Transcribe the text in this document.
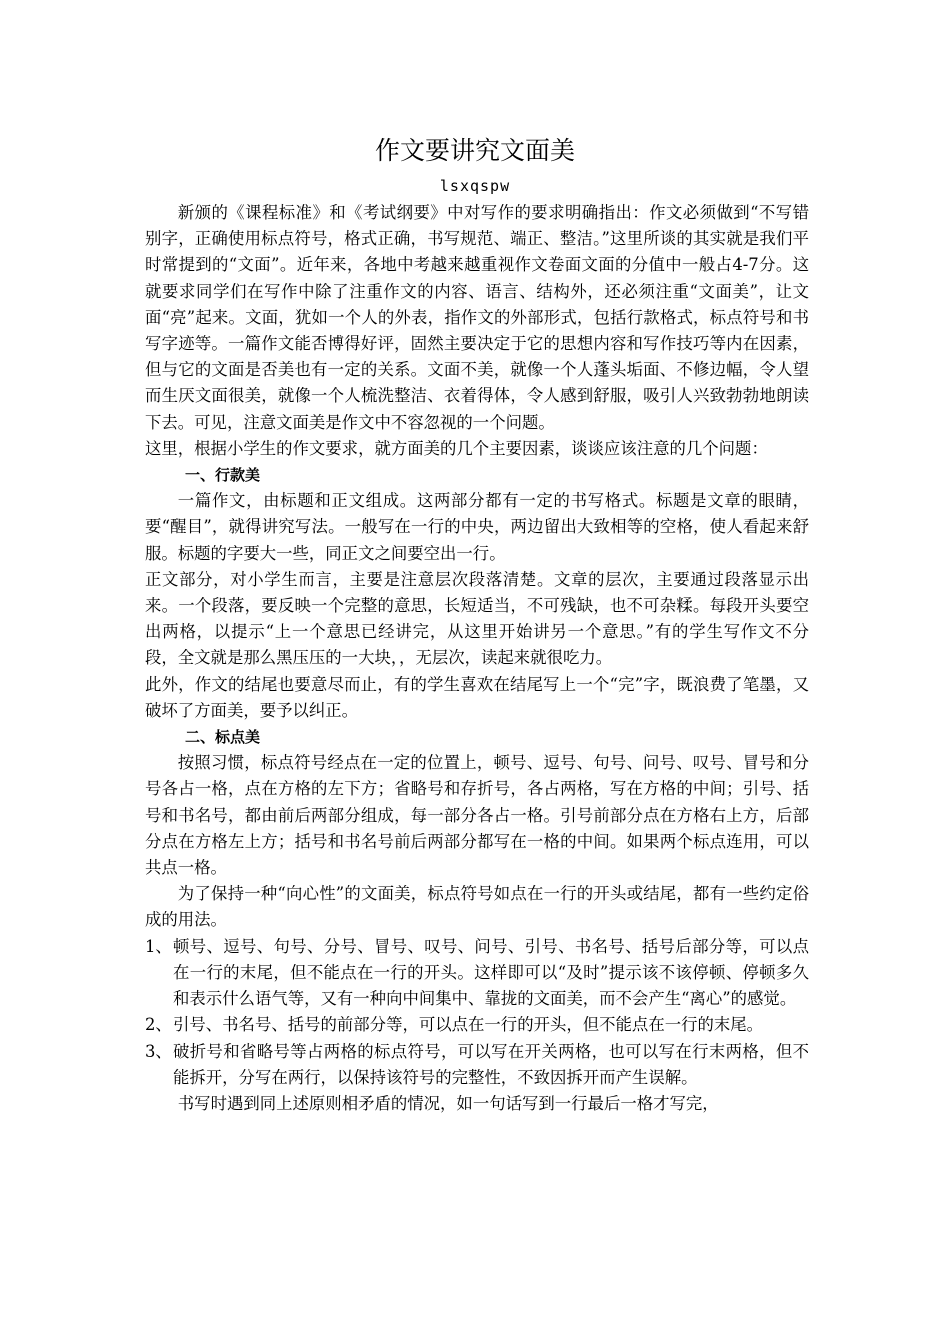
作文要讲究文面美
lsxqspw

新颁的《课程标准》和《考试纲要》中对写作的要求明确指出：作文必须做到“不写错别字，正确使用标点符号，格式正确，书写规范、端正、整洁。”这里所谈的其实就是我们平时常提到的“文面”。近年来，各地中考越来越重视作文卷面文面的分值中一般占4-7分。这就要求同学们在写作中除了注重作文的内容、语言、结构外，还必须注重“文面美”，让文面“亮”起来。文面，犹如一个人的外表，指作文的外部形式，包括行款格式，标点符号和书写字迹等。一篇作文能否博得好评，固然主要决定于它的思想内容和写作技巧等内在因素，但与它的文面是否美也有一定的关系。文面不美，就像一个人蓬头垢面、不修边幅，令人望而生厌文面很美，就像一个人梳洗整洁、衣着得体，令人感到舒服，吸引人兴致勃勃地朗读下去。可见，注意文面美是作文中不容忽视的一个问题。

这里，根据小学生的作文要求，就方面美的几个主要因素，谈谈应该注意的几个问题：

一、行款美

一篇作文，由标题和正文组成。这两部分都有一定的书写格式。标题是文章的眼睛，要“醒目”，就得讲究写法。一般写在一行的中央，两边留出大致相等的空格，使人看起来舒服。标题的字要大一些，同正文之间要空出一行。

正文部分，对小学生而言，主要是注意层次段落清楚。文章的层次，主要通过段落显示出来。一个段落，要反映一个完整的意思，长短适当，不可残缺，也不可杂糅。每段开头要空出两格，以提示“上一个意思已经讲完，从这里开始讲另一个意思。”有的学生写作文不分段，全文就是那么黑压压的一大块，，无层次，读起来就很吃力。

此外，作文的结尾也要意尽而止，有的学生喜欢在结尾写上一个“完”字，既浪费了笔墨，又破坏了方面美，要予以纠正。

二、标点美

按照习惯，标点符号经点在一定的位置上，顿号、逗号、句号、问号、叹号、冒号和分号各占一格，点在方格的左下方；省略号和存折号，各占两格，写在方格的中间；引号、括号和书名号，都由前后两部分组成，每一部分各占一格。引号前部分点在方格右上方，后部分点在方格左上方；括号和书名号前后两部分都写在一格的中间。如果两个标点连用，可以共点一格。

为了保持一种“向心性”的文面美，标点符号如点在一行的开头或结尾，都有一些约定俗成的用法。

1、 顿号、逗号、句号、分号、冒号、叹号、问号、引号、书名号、括号后部分等，可以点在一行的末尾，但不能点在一行的开头。这样即可以“及时”提示该不该停顿、停顿多久和表示什么语气等，又有一种向中间集中、靠拢的文面美，而不会产生“离心”的感觉。
2、 引号、书名号、括号的前部分等，可以点在一行的开头，但不能点在一行的末尾。
3、 破折号和省略号等占两格的标点符号，可以写在开关两格，也可以写在行末两格，但不能拆开，分写在两行，以保持该符号的完整性，不致因拆开而产生误解。

书写时遇到同上述原则相矛盾的情况，如一句话写到一行最后一格才写完，
